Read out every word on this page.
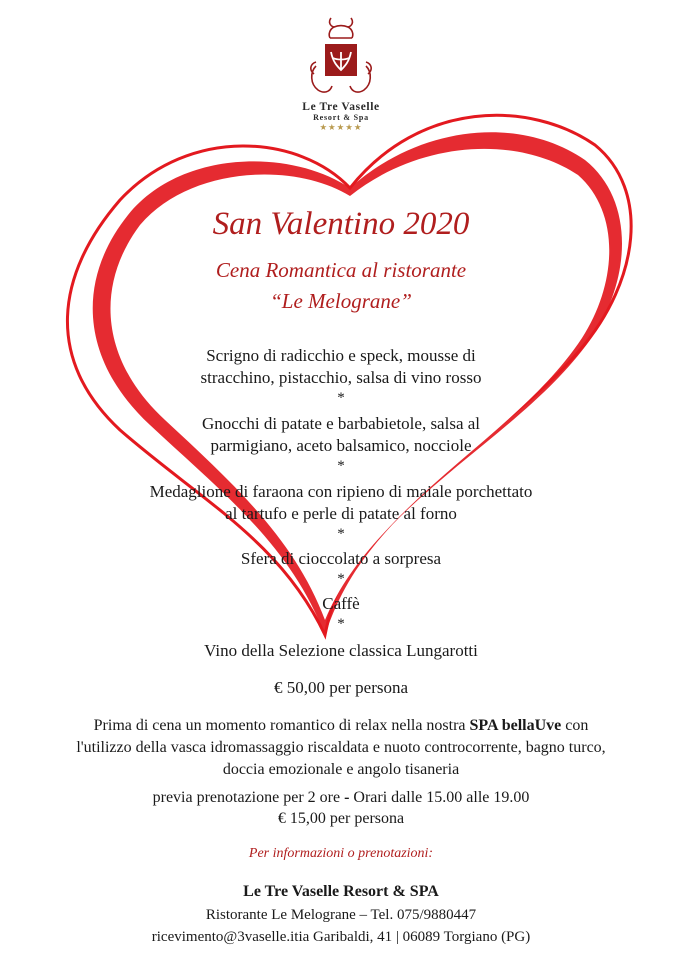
Le Tre Vaselle
Resort & Spa
★★★★★
San Valentino 2020
Cena Romantica al ristorante
“Le Melograne”
Scrigno di radicchio e speck, mousse di
stracchino, pistacchio, salsa di vino rosso
*
Gnocchi di patate e barbabietole, salsa al
parmigiano, aceto balsamico, nocciole
*
Medaglione di faraona con ripieno di maiale porchettato
al tartufo e perle di patate al forno
*
Sfera di cioccolato a sorpresa
*
Caffè
*
Vino della Selezione classica Lungarotti
€ 50,00 per persona
Prima di cena un momento romantico di relax nella nostra SPA bellaUve con
l'utilizzo della vasca idromassaggio riscaldata e nuoto controcorrente, bagno turco,
doccia emozionale e angolo tisaneria
previa prenotazione per 2 ore - Orari dalle 15.00 alle 19.00
€ 15,00 per persona
Per informazioni o prenotazioni:
Le Tre Vaselle Resort & SPA
Ristorante Le Melograne – Tel. 075/9880447
ricevimento@3vaselle.itia Garibaldi, 41 | 06089 Torgiano (PG)
